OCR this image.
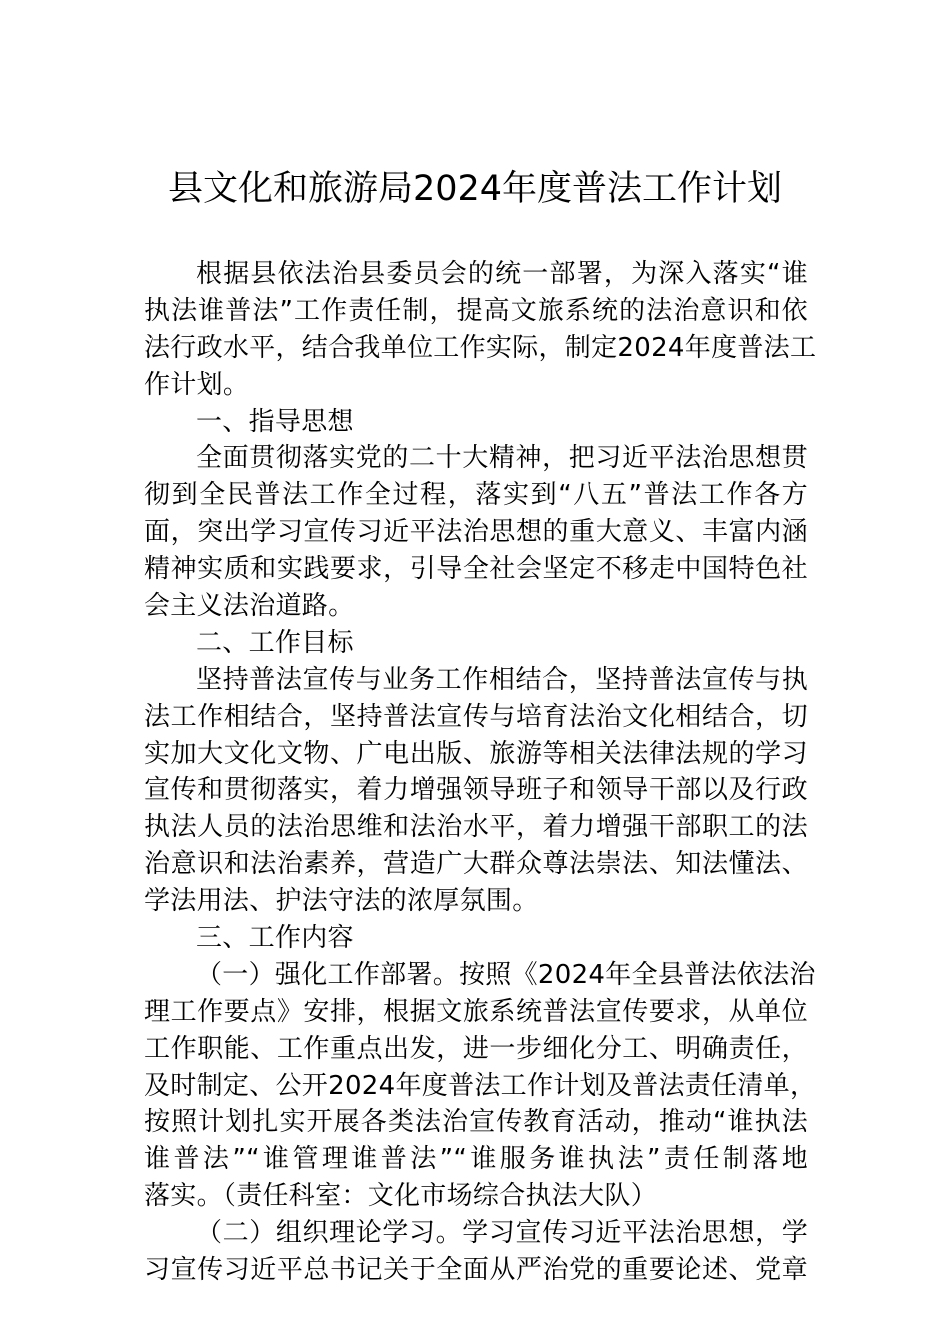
县文化和旅游局2024年度普法工作计划
根据县依法治县委员会的统一部署，为深入落实“谁
执法谁普法”工作责任制，提高文旅系统的法治意识和依
法行政水平，结合我单位工作实际，制定2024年度普法工
作计划。
一、指导思想
全面贯彻落实党的二十大精神，把习近平法治思想贯
彻到全民普法工作全过程，落实到“八五”普法工作各方
面，突出学习宣传习近平法治思想的重大意义、丰富内涵
精神实质和实践要求，引导全社会坚定不移走中国特色社
会主义法治道路。
二、工作目标
坚持普法宣传与业务工作相结合，坚持普法宣传与执
法工作相结合，坚持普法宣传与培育法治文化相结合，切
实加大文化文物、广电出版、旅游等相关法律法规的学习
宣传和贯彻落实，着力增强领导班子和领导干部以及行政
执法人员的法治思维和法治水平，着力增强干部职工的法
治意识和法治素养，营造广大群众尊法崇法、知法懂法、
学法用法、护法守法的浓厚氛围。
三、工作内容
（一）强化工作部署。按照《2024年全县普法依法治
理工作要点》安排，根据文旅系统普法宣传要求，从单位
工作职能、工作重点出发，进一步细化分工、明确责任，
及时制定、公开2024年度普法工作计划及普法责任清单，
按照计划扎实开展各类法治宣传教育活动，推动“谁执法
谁普法”“谁管理谁普法”“谁服务谁执法”责任制落地
落实。（责任科室：文化市场综合执法大队）
（二）组织理论学习。学习宣传习近平法治思想，学
习宣传习近平总书记关于全面从严治党的重要论述、党章
